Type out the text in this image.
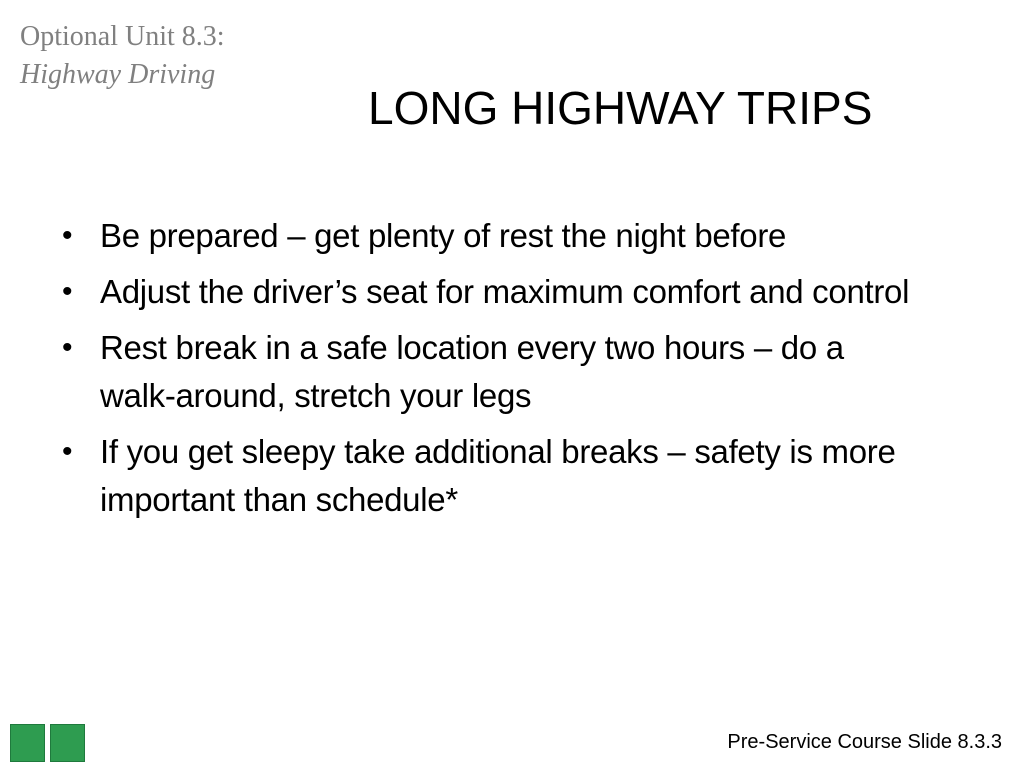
Optional Unit 8.3:
Highway Driving
LONG HIGHWAY TRIPS
• Be prepared – get plenty of rest the night before
• Adjust the driver’s seat for maximum comfort and control
• Rest break in a safe location every two hours – do a walk-around, stretch your legs
• If you get sleepy take additional breaks – safety is more important than schedule*
Pre-Service Course Slide 8.3.3
